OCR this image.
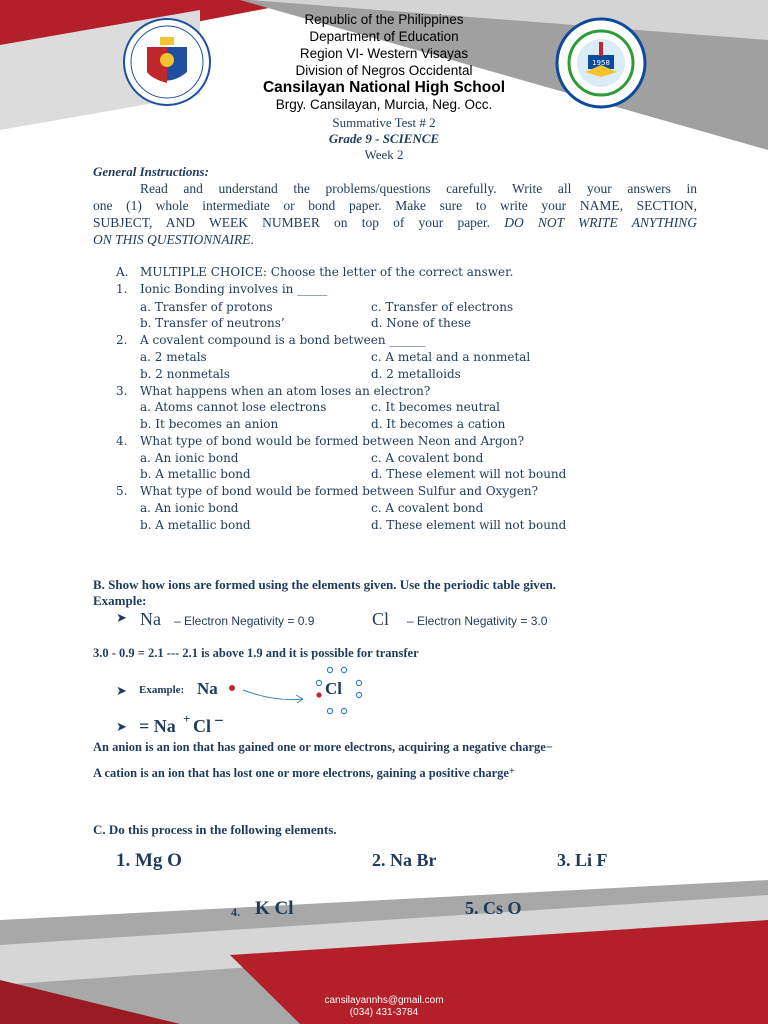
1958
Republic of the Philippines
Department of Education
Region VI- Western Visayas
Division of Negros Occidental
Cansilayan National High School
Brgy. Cansilayan, Murcia, Neg. Occ.
Summative Test # 2
Grade 9 - SCIENCE
Week 2
General Instructions:
Read and understand the problems/questions carefully. Write all your answers in
one (1) whole intermediate or bond paper. Make sure to write your NAME, SECTION,
SUBJECT, AND WEEK NUMBER on top of your paper. DO NOT WRITE ANYTHING
ON THIS QUESTIONNAIRE.
A. MULTIPLE CHOICE: Choose the letter of the correct answer.
1. Ionic Bonding involves in _____
a. Transfer of protons	c. Transfer of electrons
b. Transfer of neutrons’	d. None of these
2. A covalent compound is a bond between ______
a. 2 metals	c. A metal and a nonmetal
b. 2 nonmetals	d. 2 metalloids
3. What happens when an atom loses an electron?
a. Atoms cannot lose electrons	c. It becomes neutral
b. It becomes an anion	d. It becomes a cation
4. What type of bond would be formed between Neon and Argon?
a. An ionic bond	c. A covalent bond
b. A metallic bond	d. These element will not bound
5. What type of bond would be formed between Sulfur and Oxygen?
a. An ionic bond	c. A covalent bond
b. A metallic bond	d. These element will not bound
B. Show how ions are formed using the elements given. Use the periodic table given.
Example:
➤ Na – Electron Negativity = 0.9	Cl – Electron Negativity = 3.0
3.0 - 0.9 = 2.1 --- 2.1 is above 1.9 and it is possible for transfer
➤ Example: Na	Cl
➤ = Na + Cl −
An anion is an ion that has gained one or more electrons, acquiring a negative charge−
A cation is an ion that has lost one or more electrons, gaining a positive charge+
C. Do this process in the following elements.
1. Mg O	2. Na Br	3. Li F
4. K Cl	5. Cs O
cansilayannhs@gmail.com
(034) 431-3784
